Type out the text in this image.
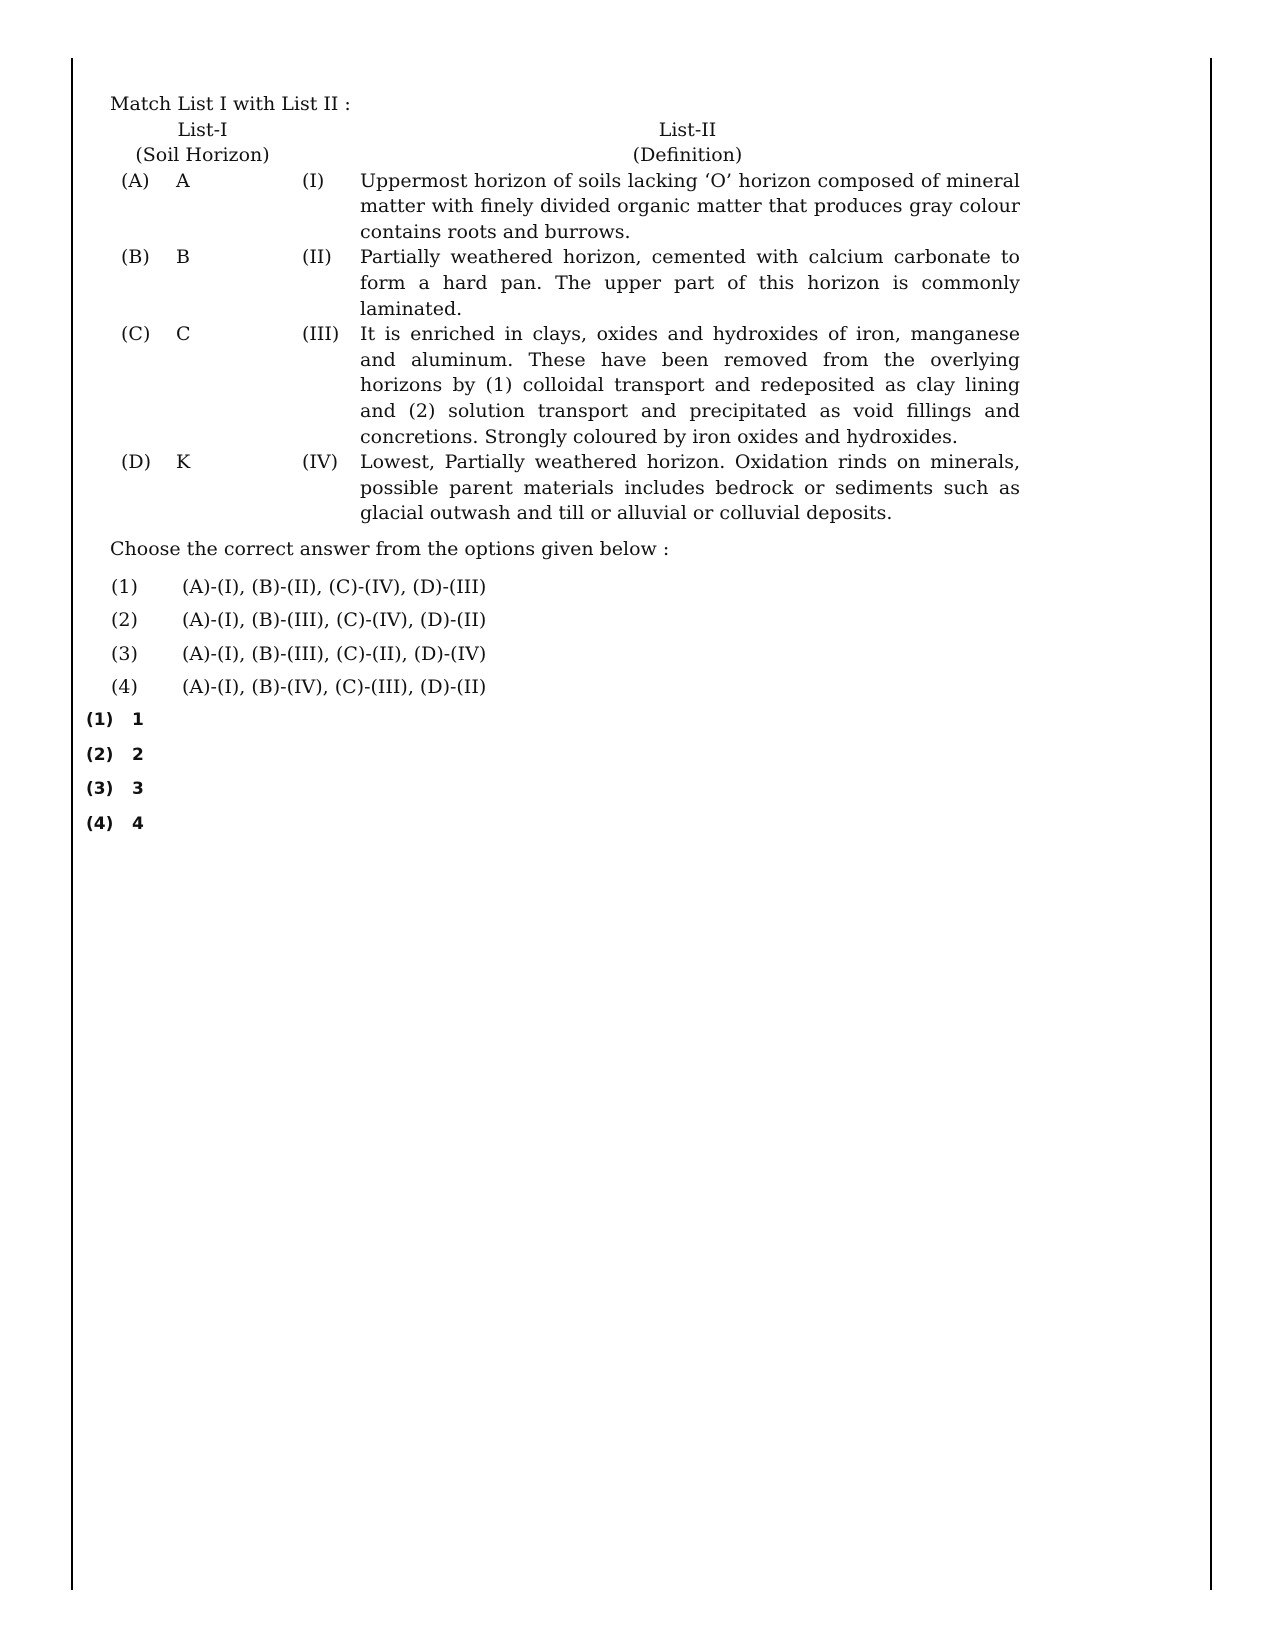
Match List I with List II :

List-I
(Soil Horizon)
List-II
(Definition)
(A) A	(I) Uppermost horizon of soils lacking ‘O’ horizon composed of mineral matter with finely divided organic matter that produces gray colour contains roots and burrows.
(B) B	(II) Partially weathered horizon, cemented with calcium carbonate to form a hard pan. The upper part of this horizon is commonly laminated.
(C) C	(III) It is enriched in clays, oxides and hydroxides of iron, manganese and aluminum. These have been removed from the overlying horizons by (1) colloidal transport and redeposited as clay lining and (2) solution transport and precipitated as void fillings and concretions. Strongly coloured by iron oxides and hydroxides.
(D) K	(IV) Lowest, Partially weathered horizon. Oxidation rinds on minerals, possible parent materials includes bedrock or sediments such as glacial outwash and till or alluvial or colluvial deposits.

Choose the correct answer from the options given below :

(1) (A)-(I), (B)-(II), (C)-(IV), (D)-(III)
(2) (A)-(I), (B)-(III), (C)-(IV), (D)-(II)
(3) (A)-(I), (B)-(III), (C)-(II), (D)-(IV)
(4) (A)-(I), (B)-(IV), (C)-(III), (D)-(II)
(1) 1
(2) 2
(3) 3
(4) 4
